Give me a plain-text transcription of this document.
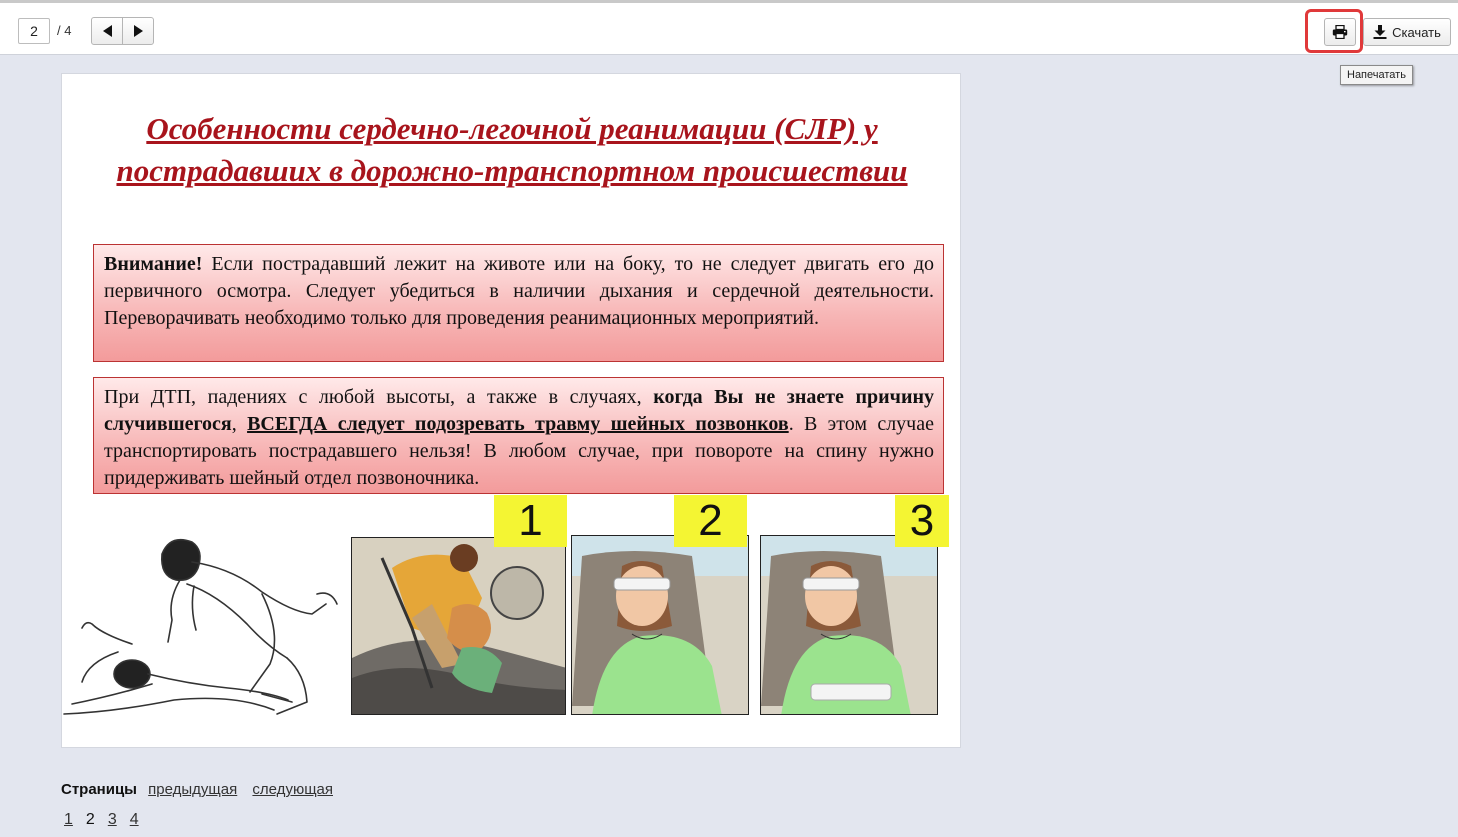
2
/ 4	Скачать
Напечатать
Особенности сердечно-легочной реанимации (СЛР) у пострадавших в дорожно-транспортном происшествии
Внимание! Если пострадавший лежит на животе или на боку, то не следует двигать его до первичного осмотра. Следует убедиться в наличии дыхания и сердечной деятельности. Переворачивать необходимо только для проведения реанимационных мероприятий.
При ДТП, падениях с любой высоты, а также в случаях, когда Вы не знаете причину случившегося, ВСЕГДА следует подозревать травму шейных позвонков. В этом случае транспортировать пострадавшего нельзя! В любом случае, при повороте на спину нужно придерживать шейный отдел позвоночника.
1	2	3
Страницы предыдущая следующая
1 2 3 4
